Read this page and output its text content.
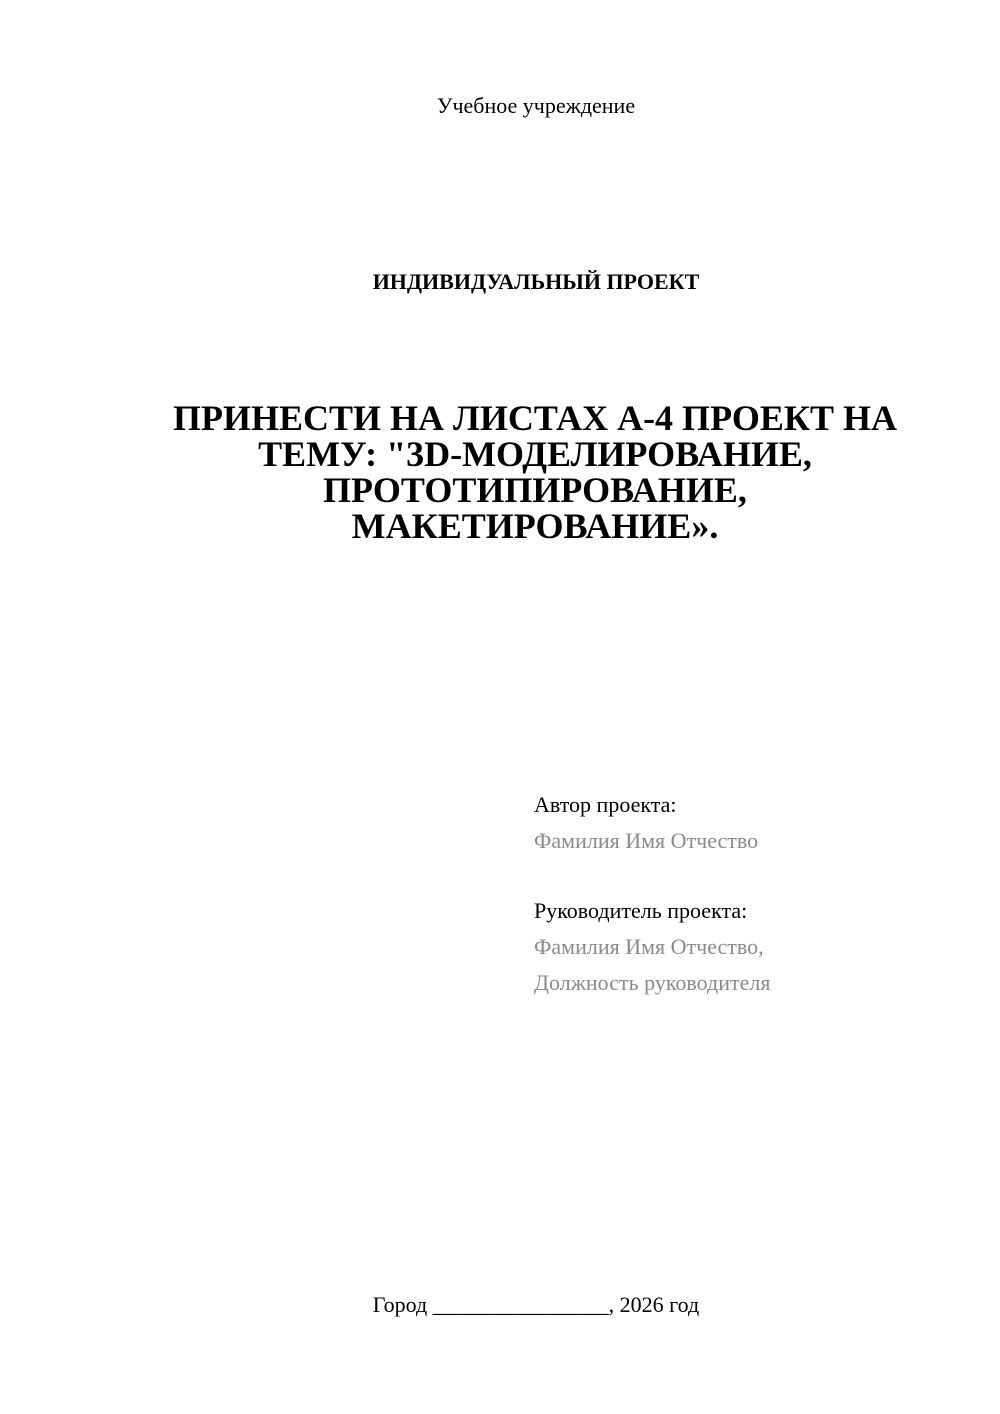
Учебное учреждение
ИНДИВИДУАЛЬНЫЙ ПРОЕКТ
ПРИНЕСТИ НА ЛИСТАХ А-4 ПРОЕКТ НА
ТЕМУ: "3D-МОДЕЛИРОВАНИЕ,
ПРОТОТИПИРОВАНИЕ,
МАКЕТИРОВАНИЕ».
Автор проекта:
Фамилия Имя Отчество
Руководитель проекта:
Фамилия Имя Отчество,
Должность руководителя
Город ________________, 2026 год
